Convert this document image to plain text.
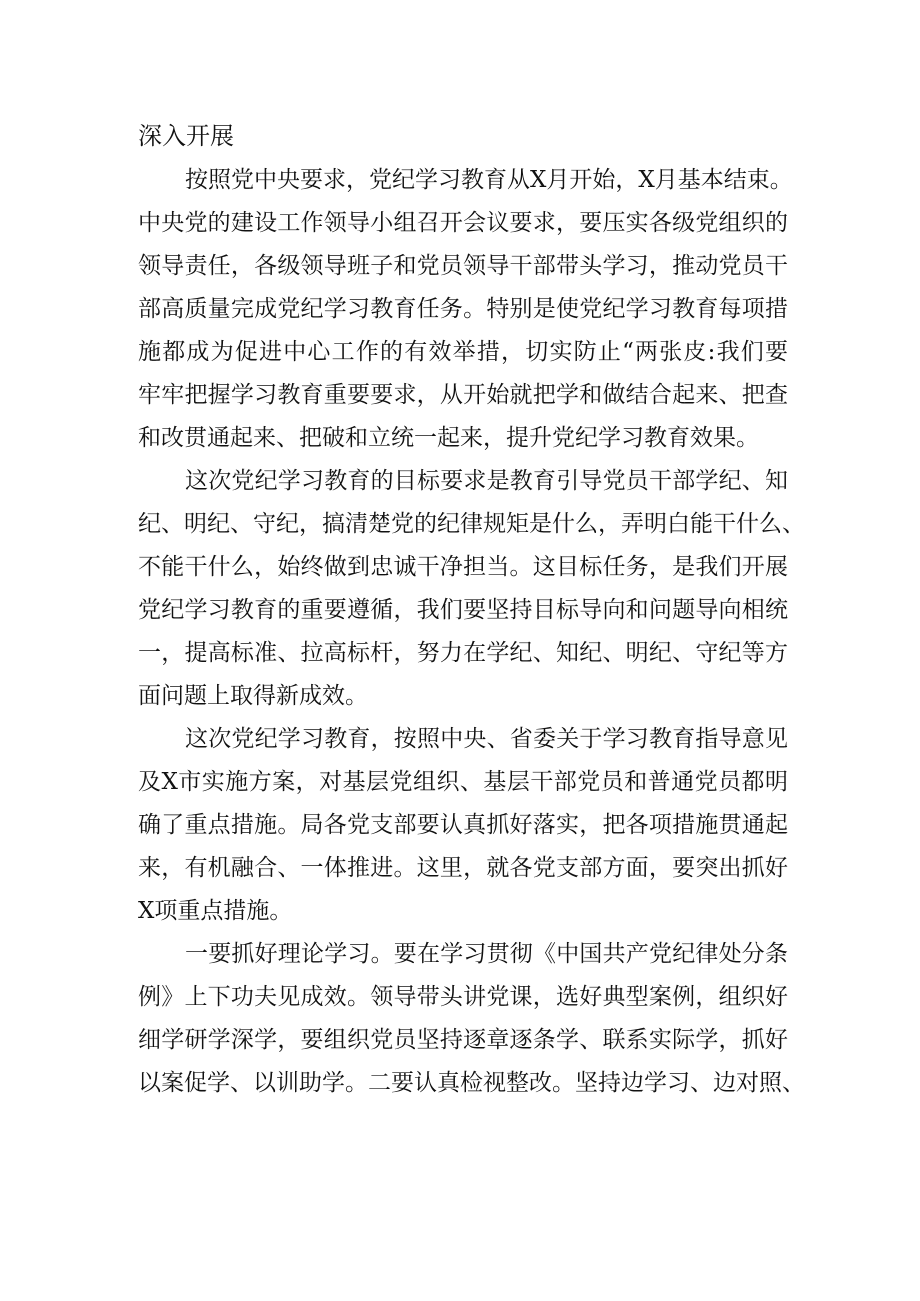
深入开展
按照党中央要求，党纪学习教育从X月开始，X月基本结束。
中央党的建设工作领导小组召开会议要求，要压实各级党组织的
领导责任，各级领导班子和党员领导干部带头学习，推动党员干
部高质量完成党纪学习教育任务。特别是使党纪学习教育每项措
施都成为促进中心工作的有效举措，切实防止“两张皮:我们要
牢牢把握学习教育重要要求，从开始就把学和做结合起来、把查
和改贯通起来、把破和立统一起来，提升党纪学习教育效果。
这次党纪学习教育的目标要求是教育引导党员干部学纪、知
纪、明纪、守纪，搞清楚党的纪律规矩是什么，弄明白能干什么、
不能干什么，始终做到忠诚干净担当。这目标任务，是我们开展
党纪学习教育的重要遵循，我们要坚持目标导向和问题导向相统
一，提高标准、拉高标杆，努力在学纪、知纪、明纪、守纪等方
面问题上取得新成效。
这次党纪学习教育，按照中央、省委关于学习教育指导意见
及X市实施方案，对基层党组织、基层干部党员和普通党员都明
确了重点措施。局各党支部要认真抓好落实，把各项措施贯通起
来，有机融合、一体推进。这里，就各党支部方面，要突出抓好
X项重点措施。
一要抓好理论学习。要在学习贯彻《中国共产党纪律处分条
例》上下功夫见成效。领导带头讲党课，选好典型案例，组织好
细学研学深学，要组织党员坚持逐章逐条学、联系实际学，抓好
以案促学、以训助学。二要认真检视整改。坚持边学习、边对照、
